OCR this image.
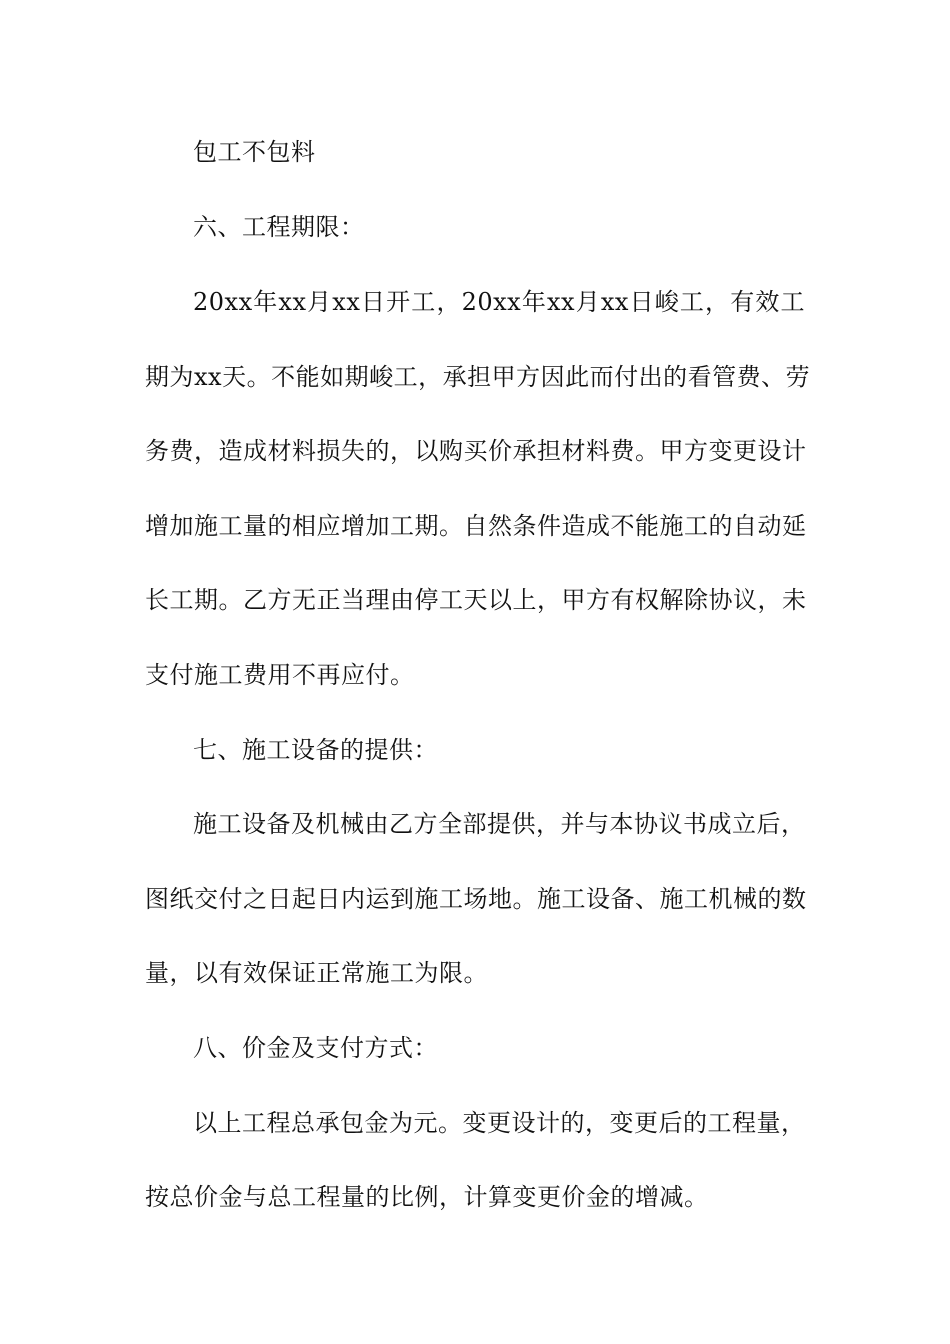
包工不包料
六、工程期限：
20xx年xx月xx日开工，20xx年xx月xx日峻工，有效工
期为xx天。不能如期峻工，承担甲方因此而付出的看管费、劳
务费，造成材料损失的，以购买价承担材料费。甲方变更设计
增加施工量的相应增加工期。自然条件造成不能施工的自动延
长工期。乙方无正当理由停工天以上，甲方有权解除协议，未
支付施工费用不再应付。
七、施工设备的提供：
施工设备及机械由乙方全部提供，并与本协议书成立后，
图纸交付之日起日内运到施工场地。施工设备、施工机械的数
量，以有效保证正常施工为限。
八、价金及支付方式：
以上工程总承包金为元。变更设计的，变更后的工程量，
按总价金与总工程量的比例，计算变更价金的增减。
